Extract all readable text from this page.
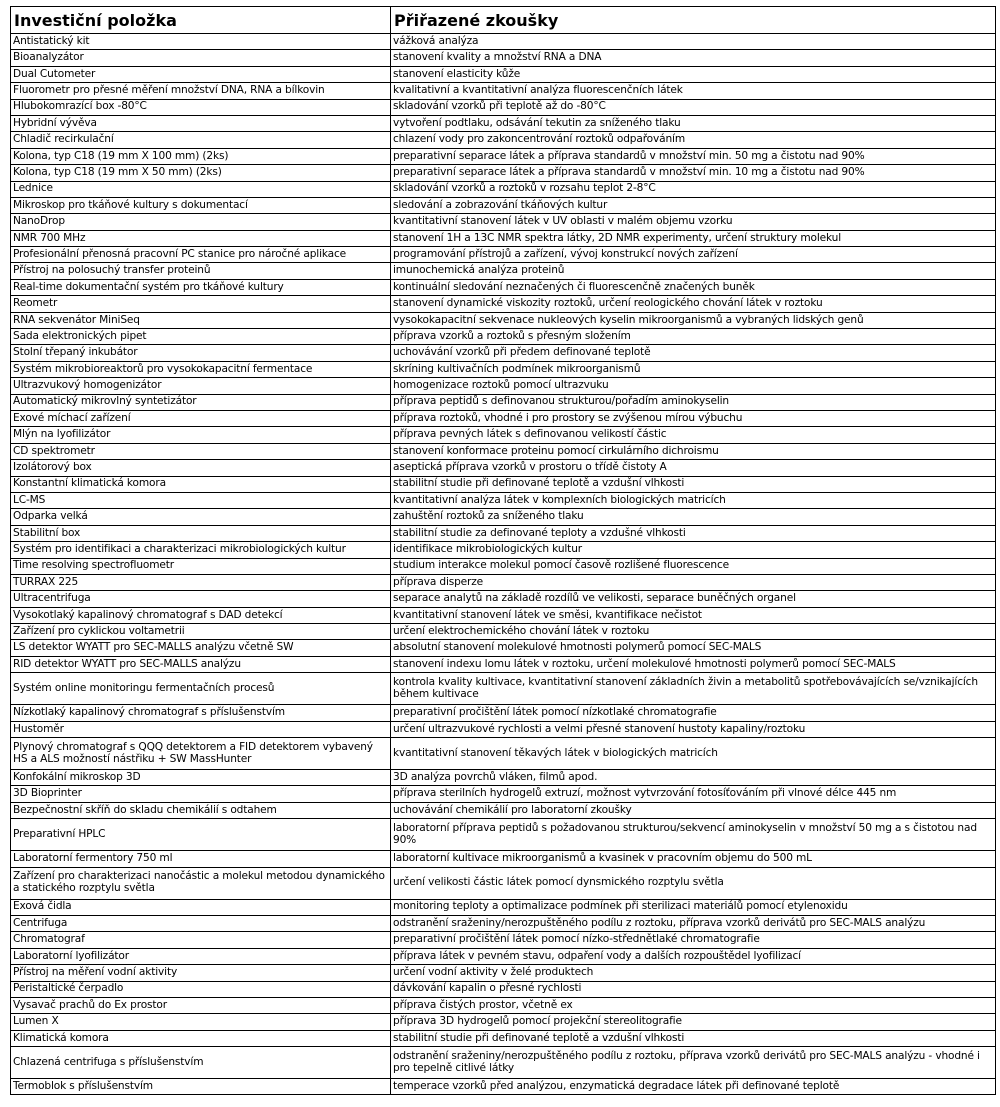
Investiční položka	Přiřazené zkoušky
Antistatický kit	vážková analýza
Bioanalyzátor	stanovení kvality a množství RNA a DNA
Dual Cutometer	stanovení elasticity kůže
Fluorometr pro přesné měření množství DNA, RNA a bílkovin	kvalitativní a kvantitativní analýza fluorescenčních látek
Hlubokomrazící box -80°C	skladování vzorků při teplotě až do -80°C
Hybridní vývěva	vytvoření podtlaku, odsávání tekutin za sníženého tlaku
Chladič recirkulační	chlazení vody pro zakoncentrování roztoků odpařováním
Kolona, typ C18 (19 mm X 100 mm) (2ks)	preparativní separace látek a příprava standardů v množství min. 50 mg a čistotu nad 90%
Kolona, typ C18 (19 mm X 50 mm) (2ks)	preparativní separace látek a příprava standardů v množství min. 10 mg a čistotu nad 90%
Lednice	skladování vzorků a roztoků v rozsahu teplot 2-8°C
Mikroskop pro tkáňové kultury s dokumentací	sledování a zobrazování tkáňových kultur
NanoDrop	kvantitativní stanovení látek v UV oblasti v malém objemu vzorku
NMR 700 MHz	stanovení 1H a 13C NMR spektra látky, 2D NMR experimenty, určení struktury molekul
Profesionální přenosná pracovní PC stanice pro náročné aplikace	programování přístrojů a zařízení, vývoj konstrukcí nových zařízení
Přístroj na polosuchý transfer proteinů	imunochemická analýza proteinů
Real-time dokumentační systém pro tkáňové kultury	kontinuální sledování neznačených či fluorescenčně značených buněk
Reometr	stanovení dynamické viskozity roztoků, určení reologického chování látek v roztoku
RNA sekvenátor MiniSeq	vysokokapacitní sekvenace nukleových kyselin mikroorganismů a vybraných lidských genů
Sada elektronických pipet	příprava vzorků a roztoků s přesným složením
Stolní třepaný inkubátor	uchovávání vzorků při předem definované teplotě
Systém mikrobioreaktorů pro vysokokapacitní fermentace	skríning kultivačních podmínek mikroorganismů
Ultrazvukový homogenizátor	homogenizace roztoků pomocí ultrazvuku
Automatický mikrovlný syntetizátor	příprava peptidů s definovanou strukturou/pořadím aminokyselin
Exové míchací zařízení	příprava roztoků, vhodné i pro prostory se zvýšenou mírou výbuchu
Mlýn na lyofilizátor	příprava pevných látek s definovanou velikostí částic
CD spektrometr	stanovení konformace proteinu pomocí cirkulárního dichroismu
Izolátorový box	aseptická příprava vzorků v prostoru o třídě čistoty A
Konstantní klimatická komora	stabilitní studie při definované teplotě a vzdušní vlhkosti
LC-MS	kvantitativní analýza látek v komplexních biologických matricích
Odparka velká	zahuštění roztoků za sníženého tlaku
Stabilitní box	stabilitní studie za definované teploty a vzdušné vlhkosti
Systém pro identifikaci a charakterizaci mikrobiologických kultur	identifikace mikrobiologických kultur
Time resolving spectrofluometr	studium interakce molekul pomocí časově rozlišené fluorescence
TURRAX 225	příprava disperze
Ultracentrifuga	separace analytů na základě rozdílů ve velikosti, separace buněčných organel
Vysokotlaký kapalinový chromatograf s DAD detekcí	kvantitativní stanovení látek ve směsi, kvantifikace nečistot
Zařízení pro cyklickou voltametrii	určení elektrochemického chování látek v roztoku
LS detektor WYATT pro SEC-MALLS analýzu včetně SW	absolutní stanovení molekulové hmotnosti polymerů pomocí SEC-MALS
RID detektor WYATT pro SEC-MALLS analýzu	stanovení indexu lomu látek v roztoku, určení molekulové hmotnosti polymerů pomocí SEC-MALS
Systém online monitoringu fermentačních procesů	kontrola kvality kultivace, kvantitativní stanovení základních živin a metabolitů spotřebovávajících se/vznikajících během kultivace
Nízkotlaký kapalinový chromatograf s příslušenstvím	preparativní pročištění látek pomocí nízkotlaké chromatografie
Hustoměr	určení ultrazvukové rychlosti a velmi přesné stanovení hustoty kapaliny/roztoku
Plynový chromatograf s QQQ detektorem a FID detektorem vybavený HS a ALS možností nástřiku + SW MassHunter	kvantitativní stanovení těkavých látek v biologických matricích
Konfokální mikroskop 3D	3D analýza povrchů vláken, filmů apod.
3D Bioprinter	příprava sterilních hydrogelů extruzí, možnost vytvrzování fotosíťováním při vlnové délce 445 nm
Bezpečnostní skříň do skladu chemikálií s odtahem	uchovávání chemikálií pro laboratorní zkoušky
Preparativní HPLC	laboratorní příprava peptidů s požadovanou strukturou/sekvencí aminokyselin v množství 50 mg a s čistotou nad 90%
Laboratorní fermentory 750 ml	laboratorní kultivace mikroorganismů a kvasinek v pracovním objemu do 500 mL
Zařízení pro charakterizaci nanočástic a molekul metodou dynamického a statického rozptylu světla	určení velikosti částic látek pomocí dynsmického rozptylu světla
Exová čidla	monitoring teploty a optimalizace podmínek při sterilizaci materiálů pomocí etylenoxidu
Centrifuga	odstranění sraženiny/nerozpuštěného podílu z roztoku, příprava vzorků derivátů pro SEC-MALS analýzu
Chromatograf	preparativní pročištění látek pomocí nízko-střednětlaké chromatografie
Laboratorní lyofilizátor	příprava látek v pevném stavu, odpaření vody a dalších rozpouštědel lyofilizací
Přístroj na měření vodní aktivity	určení vodní aktivity v želé produktech
Peristaltické čerpadlo	dávkování kapalin o přesné rychlosti
Vysavač prachů do Ex prostor	příprava čistých prostor, včetně ex
Lumen X	příprava 3D hydrogelů pomocí projekční stereolitografie
Klimatická komora	stabilitní studie při definované teplotě a vzdušní vlhkosti
Chlazená centrifuga s příslušenstvím	odstranění sraženiny/nerozpuštěného podílu z roztoku, příprava vzorků derivátů pro SEC-MALS analýzu - vhodné i pro tepelně citlivé látky
Termoblok s příslušenstvím	temperace vzorků před analýzou, enzymatická degradace látek při definované teplotě
